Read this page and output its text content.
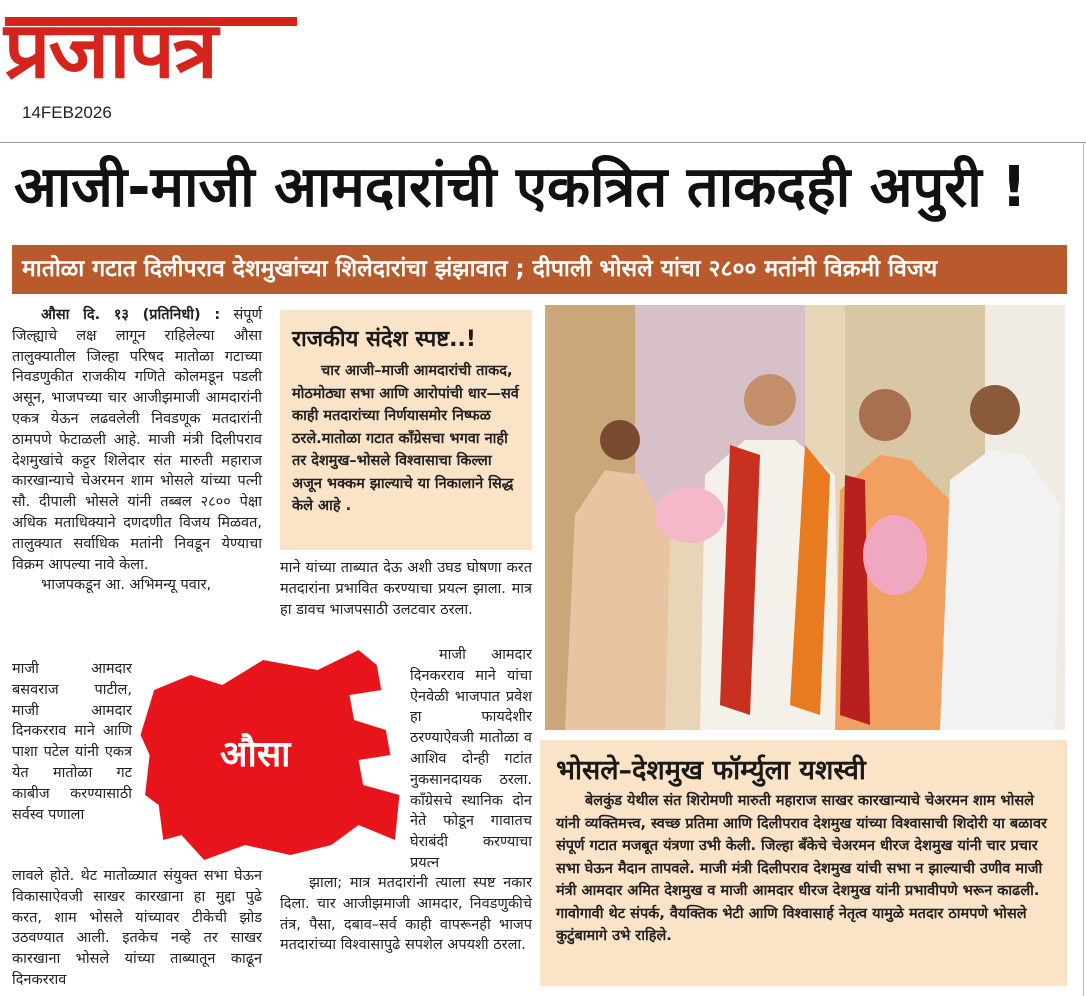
प्रजापत्र
14FEB2026
आजी-माजी आमदारांची एकत्रित ताकदही अपुरी !
मातोळा गटात दिलीपराव देशमुखांच्या शिलेदारांचा झंझावात ; दीपाली भोसले यांचा २८०० मतांनी विक्रमी विजय
औसा

औसा दि. १३ (प्रतिनिधी) : संपूर्ण जिल्ह्याचे लक्ष लागून राहिलेल्या औसा तालुक्यातील जिल्हा परिषद मातोळा गटाच्या निवडणुकीत राजकीय गणिते कोलमडून पडली असून, भाजपच्या चार आजीझमाजी आमदारांनी एकत्र येऊन लढवलेली निवडणूक मतदारांनी ठामपणे फेटाळली आहे. माजी मंत्री दिलीपराव देशमुखांचे कट्टर शिलेदार संत मारुती महाराज कारखान्याचे चेअरमन शाम भोसले यांच्या पत्नी सौ. दीपाली भोसले यांनी तब्बल २८०० पेक्षा अधिक मताधिक्याने दणदणीत विजय मिळवत, तालुक्यात सर्वाधिक मतांनी निवडून येण्याचा विक्रम आपल्या नावे केला.

भाजपकडून आ. अभिमन्यू पवार,

माजी आमदार बसवराज पाटील, माजी आमदार दिनकरराव माने आणि पाशा पटेल यांनी एकत्र येत मातोळा गट काबीज करण्यासाठी सर्वस्व पणाला

लावले होते. थेट मातोळ्यात संयुक्त सभा घेऊन विकासाऐवजी साखर कारखाना हा मुद्दा पुढे करत, शाम भोसले यांच्यावर टीकेची झोड उठवण्यात आली. इतकेच नव्हे तर साखर कारखाना भोसले यांच्या ताब्यातून काढून दिनकरराव

राजकीय संदेश स्पष्ट..!

चार आजी–माजी आमदारांची ताकद, मोठमोठ्या सभा आणि आरोपांची धार—सर्व काही मतदारांच्या निर्णयासमोर निष्फळ ठरले.मातोळा गटात काँग्रेसचा भगवा नाही तर देशमुख–भोसले विश्वासाचा किल्ला अजून भक्कम झाल्याचे या निकालाने सिद्ध केले आहे .

माने यांच्या ताब्यात देऊ अशी उघड घोषणा करत मतदारांना प्रभावित करण्याचा प्रयत्न झाला. मात्र हा डावच भाजपसाठी उलटवार ठरला.

माजी आमदार दिनकरराव माने यांचा ऐनवेळी भाजपात प्रवेश हा फायदेशीर ठरण्याऐवजी मातोळा व आशिव दोन्ही गटांत नुकसानदायक ठरला. काँग्रेसचे स्थानिक दोन नेते फोडून गावातच घेराबंदी करण्याचा प्रयत्न

झाला; मात्र मतदारांनी त्याला स्पष्ट नकार दिला. चार आजीझमाजी आमदार, निवडणुकीचे तंत्र, पैसा, दबाव–सर्व काही वापरूनही भाजप मतदारांच्या विश्वासापुढे सपशेल अपयशी ठरला.

भोसले–देशमुख फॉर्म्युला यशस्वी

बेलकुंड येथील संत शिरोमणी मारुती महाराज साखर कारखान्याचे चेअरमन शाम भोसले यांनी व्यक्तिमत्त्व, स्वच्छ प्रतिमा आणि दिलीपराव देशमुख यांच्या विश्वासाची शिदोरी या बळावर संपूर्ण गटात मजबूत यंत्रणा उभी केली. जिल्हा बँकेचे चेअरमन धीरज देशमुख यांनी चार प्रचार सभा घेऊन मैदान तापवले. माजी मंत्री दिलीपराव देशमुख यांची सभा न झाल्याची उणीव माजी मंत्री आमदार अमित देशमुख व माजी आमदार धीरज देशमुख यांनी प्रभावीपणे भरून काढली. गावोगावी थेट संपर्क, वैयक्तिक भेटी आणि विश्वासार्ह नेतृत्व यामुळे मतदार ठामपणे भोसले कुटुंबामागे उभे राहिले.
